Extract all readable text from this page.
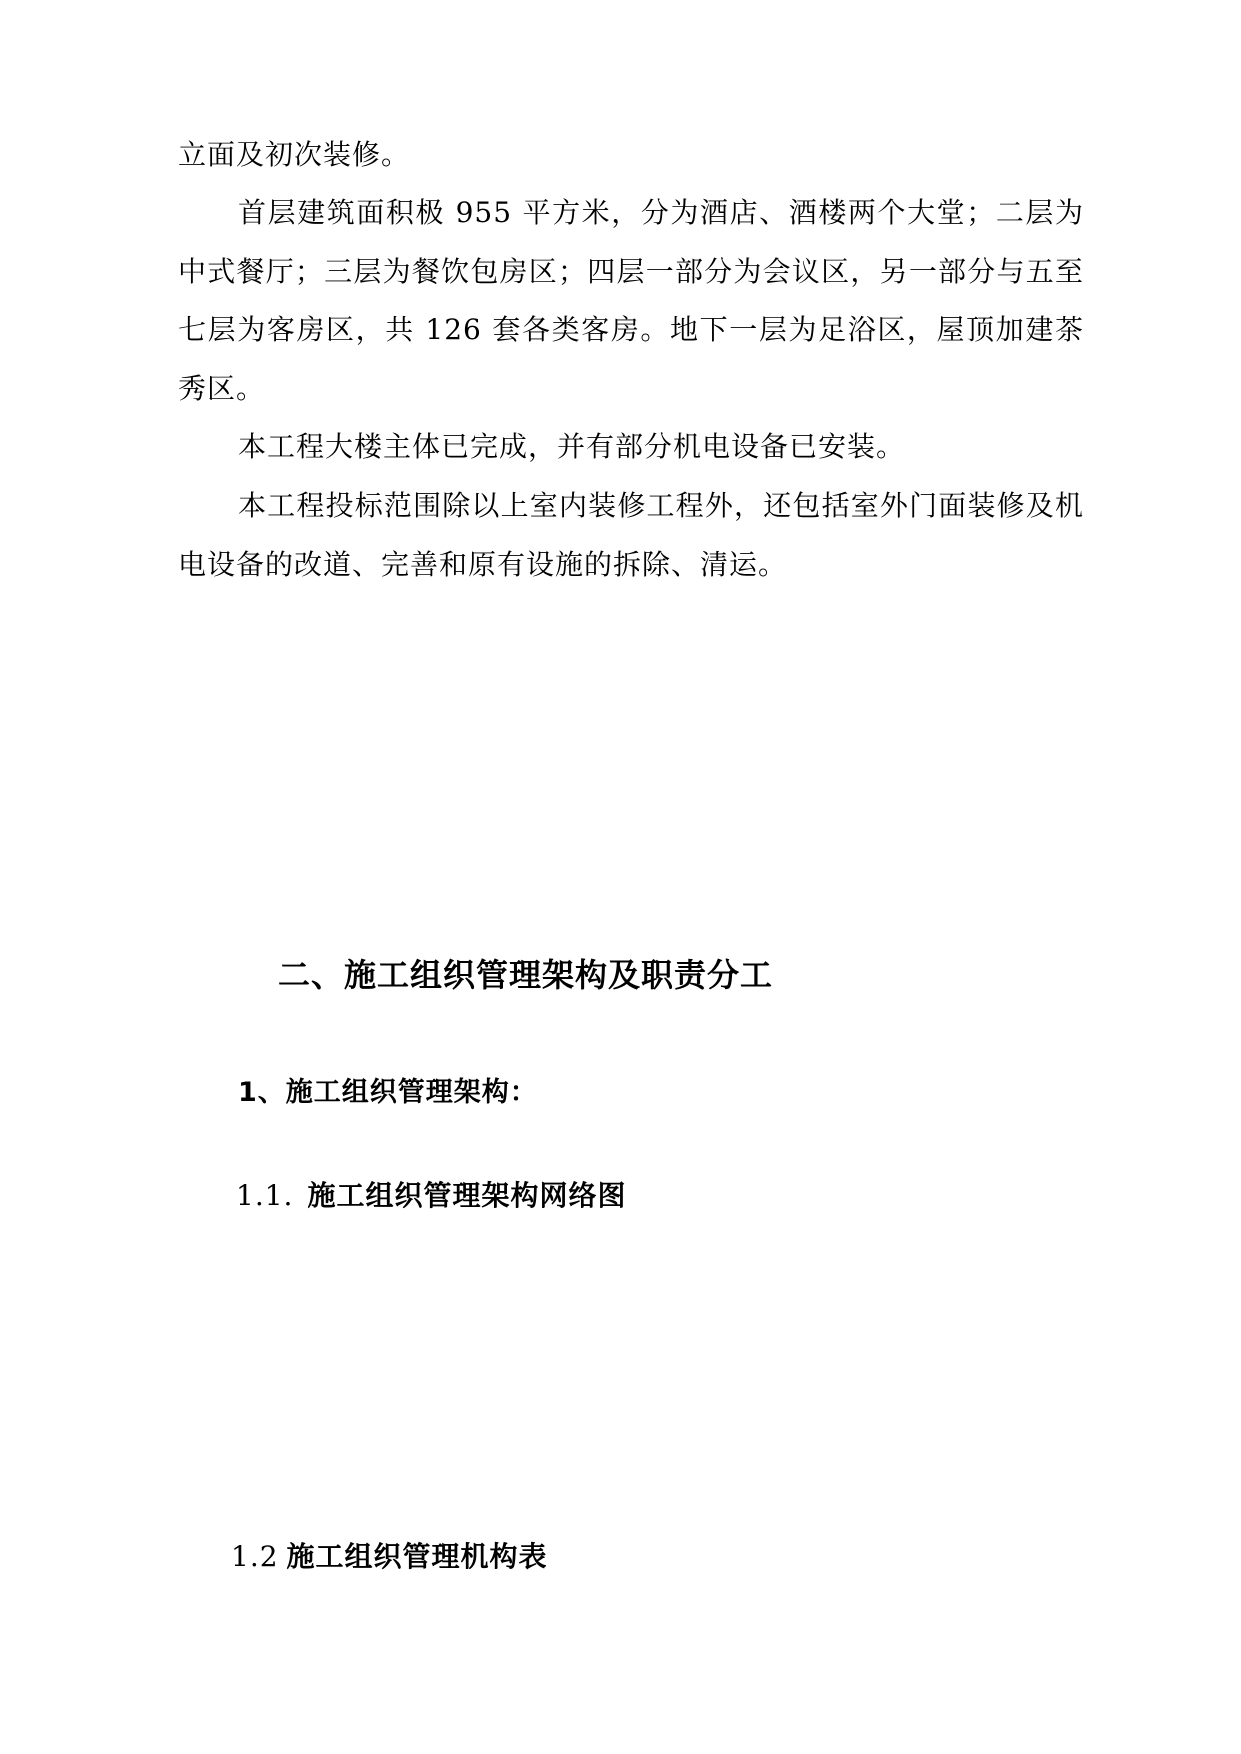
立面及初次装修。

首层建筑面积极 955 平方米，分为酒店、酒楼两个大堂；二层为中式餐厅；三层为餐饮包房区；四层一部分为会议区，另一部分与五至七层为客房区，共 126 套各类客房。地下一层为足浴区，屋顶加建茶秀区。

本工程大楼主体已完成，并有部分机电设备已安装。

本工程投标范围除以上室内装修工程外，还包括室外门面装修及机电设备的改道、完善和原有设施的拆除、清运。

二、施工组织管理架构及职责分工
1、施工组织管理架构：
1.1. 施工组织管理架构网络图
1.2 施工组织管理机构表
